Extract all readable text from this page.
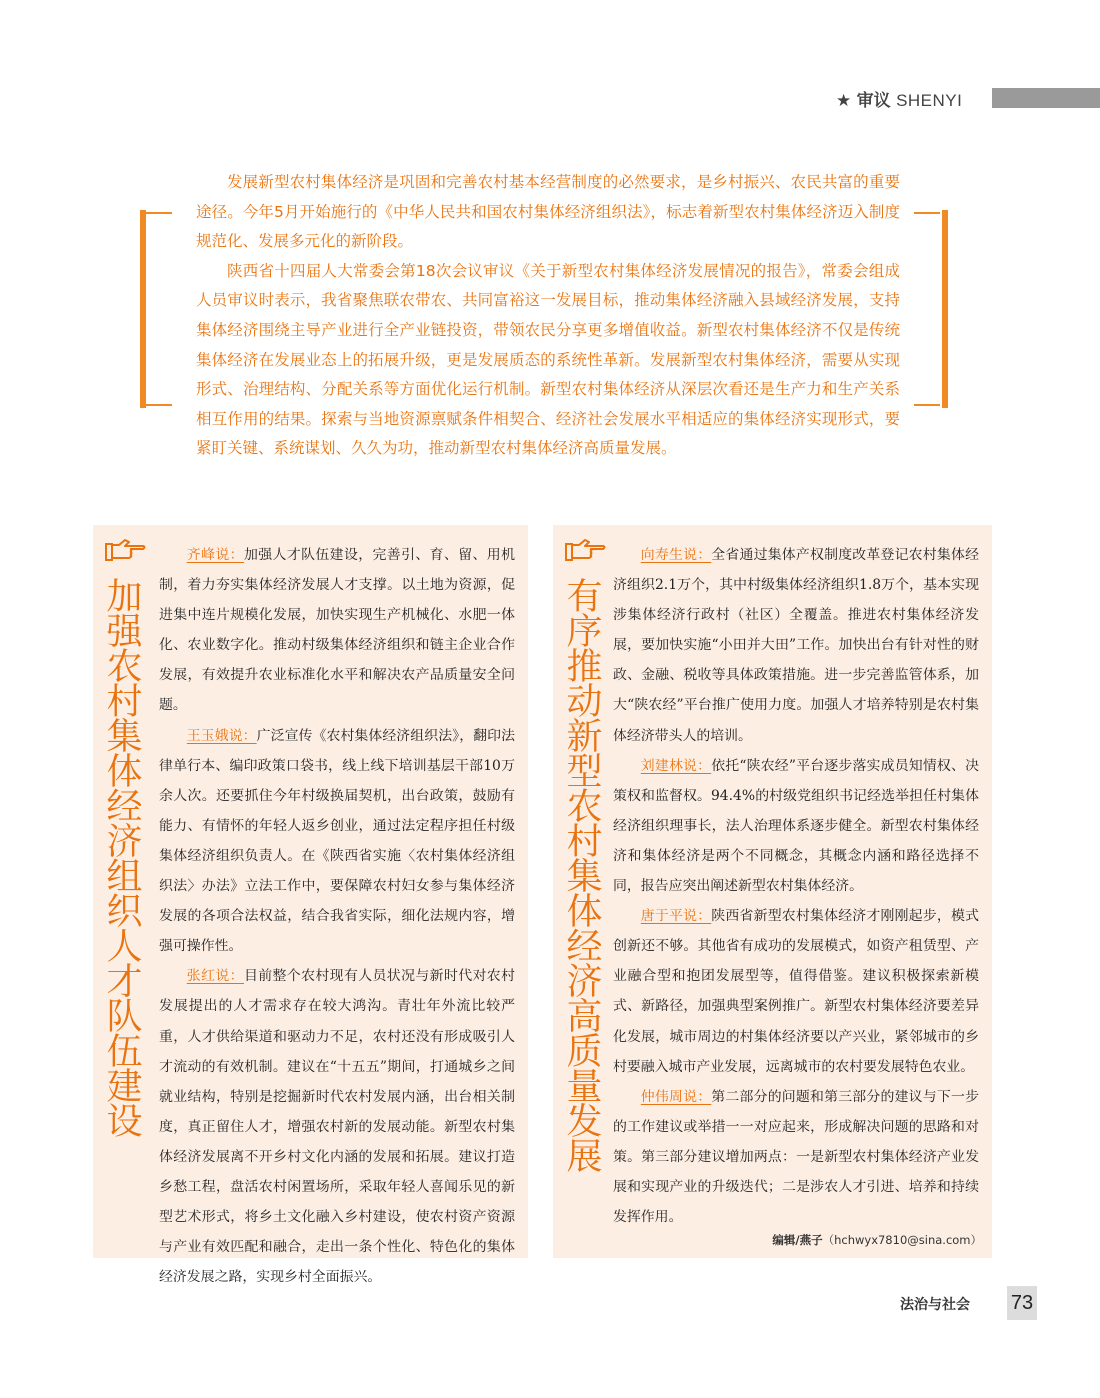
★ 审议 SHENYI

发展新型农村集体经济是巩固和完善农村基本经营制度的必然要求，是乡村振兴、农民共富的重要途径。今年5月开始施行的《中华人民共和国农村集体经济组织法》，标志着新型农村集体经济迈入制度规范化、发展多元化的新阶段。

陕西省十四届人大常委会第18次会议审议《关于新型农村集体经济发展情况的报告》，常委会组成人员审议时表示，我省聚焦联农带农、共同富裕这一发展目标，推动集体经济融入县域经济发展，支持集体经济围绕主导产业进行全产业链投资，带领农民分享更多增值收益。新型农村集体经济不仅是传统集体经济在发展业态上的拓展升级，更是发展质态的系统性革新。发展新型农村集体经济，需要从实现形式、治理结构、分配关系等方面优化运行机制。新型农村集体经济从深层次看还是生产力和生产关系相互作用的结果。探索与当地资源禀赋条件相契合、经济社会发展水平相适应的集体经济实现形式，要紧盯关键、系统谋划、久久为功，推动新型农村集体经济高质量发展。

加强农村集体经济组织人才队伍建设

齐峰说：加强人才队伍建设，完善引、育、留、用机制，着力夯实集体经济发展人才支撑。以土地为资源，促进集中连片规模化发展，加快实现生产机械化、水肥一体化、农业数字化。推动村级集体经济组织和链主企业合作发展，有效提升农业标准化水平和解决农产品质量安全问题。

王玉娥说：广泛宣传《农村集体经济组织法》，翻印法律单行本、编印政策口袋书，线上线下培训基层干部10万余人次。还要抓住今年村级换届契机，出台政策，鼓励有能力、有情怀的年轻人返乡创业，通过法定程序担任村级集体经济组织负责人。在《陕西省实施〈农村集体经济组织法〉办法》立法工作中，要保障农村妇女参与集体经济发展的各项合法权益，结合我省实际，细化法规内容，增强可操作性。

张红说：目前整个农村现有人员状况与新时代对农村发展提出的人才需求存在较大鸿沟。青壮年外流比较严重，人才供给渠道和驱动力不足，农村还没有形成吸引人才流动的有效机制。建议在“十五五”期间，打通城乡之间就业结构，特别是挖掘新时代农村发展内涵，出台相关制度，真正留住人才，增强农村新的发展动能。新型农村集体经济发展离不开乡村文化内涵的发展和拓展。建议打造乡愁工程，盘活农村闲置场所，采取年轻人喜闻乐见的新型艺术形式，将乡土文化融入乡村建设，使农村资产资源与产业有效匹配和融合，走出一条个性化、特色化的集体经济发展之路，实现乡村全面振兴。

有序推动新型农村集体经济高质量发展

向寿生说：全省通过集体产权制度改革登记农村集体经济组织2.1万个，其中村级集体经济组织1.8万个，基本实现涉集体经济行政村（社区）全覆盖。推进农村集体经济发展，要加快实施“小田并大田”工作。加快出台有针对性的财政、金融、税收等具体政策措施。进一步完善监管体系，加大“陕农经”平台推广使用力度。加强人才培养特别是农村集体经济带头人的培训。

刘建林说：依托“陕农经”平台逐步落实成员知情权、决策权和监督权。94.4%的村级党组织书记经选举担任村集体经济组织理事长，法人治理体系逐步健全。新型农村集体经济和集体经济是两个不同概念，其概念内涵和路径选择不同，报告应突出阐述新型农村集体经济。

唐于平说：陕西省新型农村集体经济才刚刚起步，模式创新还不够。其他省有成功的发展模式，如资产租赁型、产业融合型和抱团发展型等，值得借鉴。建议积极探索新模式、新路径，加强典型案例推广。新型农村集体经济要差异化发展，城市周边的村集体经济要以产兴业，紧邻城市的乡村要融入城市产业发展，远离城市的农村要发展特色农业。

仲伟周说：第二部分的问题和第三部分的建议与下一步的工作建议或举措一一对应起来，形成解决问题的思路和对策。第三部分建议增加两点：一是新型农村集体经济产业发展和实现产业的升级迭代；二是涉农人才引进、培养和持续发挥作用。

编辑/燕子（hchwyx7810@sina.com）
法治与社会 73
